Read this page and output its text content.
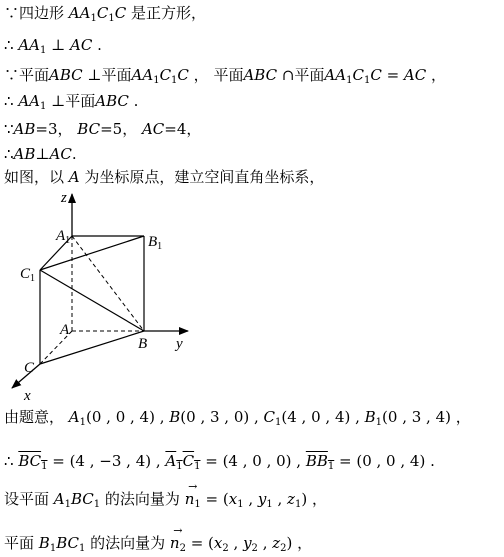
∵四边形 $AA_1C_1C$ 是正方形，
∴ $AA_1$ ⊥ AC .
∵平面ABC ⊥平面$AA_1C_1C$ ， 平面ABC ∩平面$AA_1C_1C$ = AC ，
∴ $AA_1$ ⊥平面ABC .
∵AB=3， BC=5， AC=4，
∴AB⊥AC.
如图，以 A 为坐标原点，建立空间直角坐标系，
z
y
x
$A_1$	$B_1$
$C_1$
A
B
C
由题意， $A_1(0$ , 0 , 4) , B(0 , 3 , 0) , $C_1(4$ , 0 , 4) , $B_1(0$ , 3 , 4) ，
∴ $BC_1 = (4$ , −3 , 4) , $A_1C_1 = (4$ , 0 , 0) , $BB_1 = (0$ , 0 , 4) .
设平面 $A_1BC_1$ 的法向量为 → $n_1 = (x_1$ , $y_1$ , $z_1$) ，
平面 $B_1BC_1$ 的法向量为 → $n_2 = (x_2$ , $y_2$ , $z_2$) ，
